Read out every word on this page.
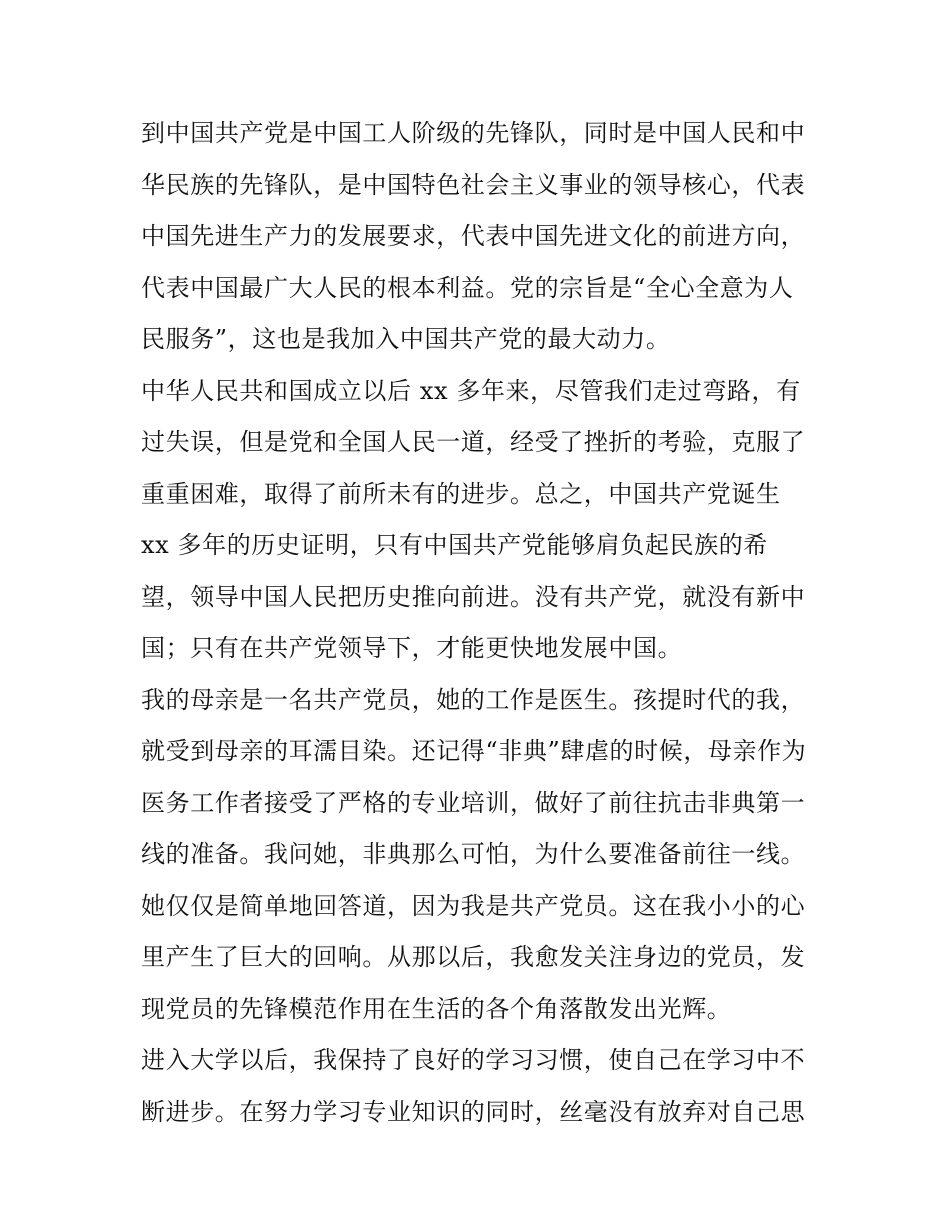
到中国共产党是中国工人阶级的先锋队，同时是中国人民和中
华民族的先锋队，是中国特色社会主义事业的领导核心，代表
中国先进生产力的发展要求，代表中国先进文化的前进方向，
代表中国最广大人民的根本利益。党的宗旨是“全心全意为人
民服务”，这也是我加入中国共产党的最大动力。
中华人民共和国成立以后 xx 多年来，尽管我们走过弯路，有
过失误，但是党和全国人民一道，经受了挫折的考验，克服了
重重困难，取得了前所未有的进步。总之，中国共产党诞生
xx 多年的历史证明，只有中国共产党能够肩负起民族的希
望，领导中国人民把历史推向前进。没有共产党，就没有新中
国；只有在共产党领导下，才能更快地发展中国。
我的母亲是一名共产党员，她的工作是医生。孩提时代的我，
就受到母亲的耳濡目染。还记得“非典”肆虐的时候，母亲作为
医务工作者接受了严格的专业培训，做好了前往抗击非典第一
线的准备。我问她，非典那么可怕，为什么要准备前往一线。
她仅仅是简单地回答道，因为我是共产党员。这在我小小的心
里产生了巨大的回响。从那以后，我愈发关注身边的党员，发
现党员的先锋模范作用在生活的各个角落散发出光辉。
进入大学以后，我保持了良好的学习习惯，使自己在学习中不
断进步。在努力学习专业知识的同时，丝毫没有放弃对自己思
